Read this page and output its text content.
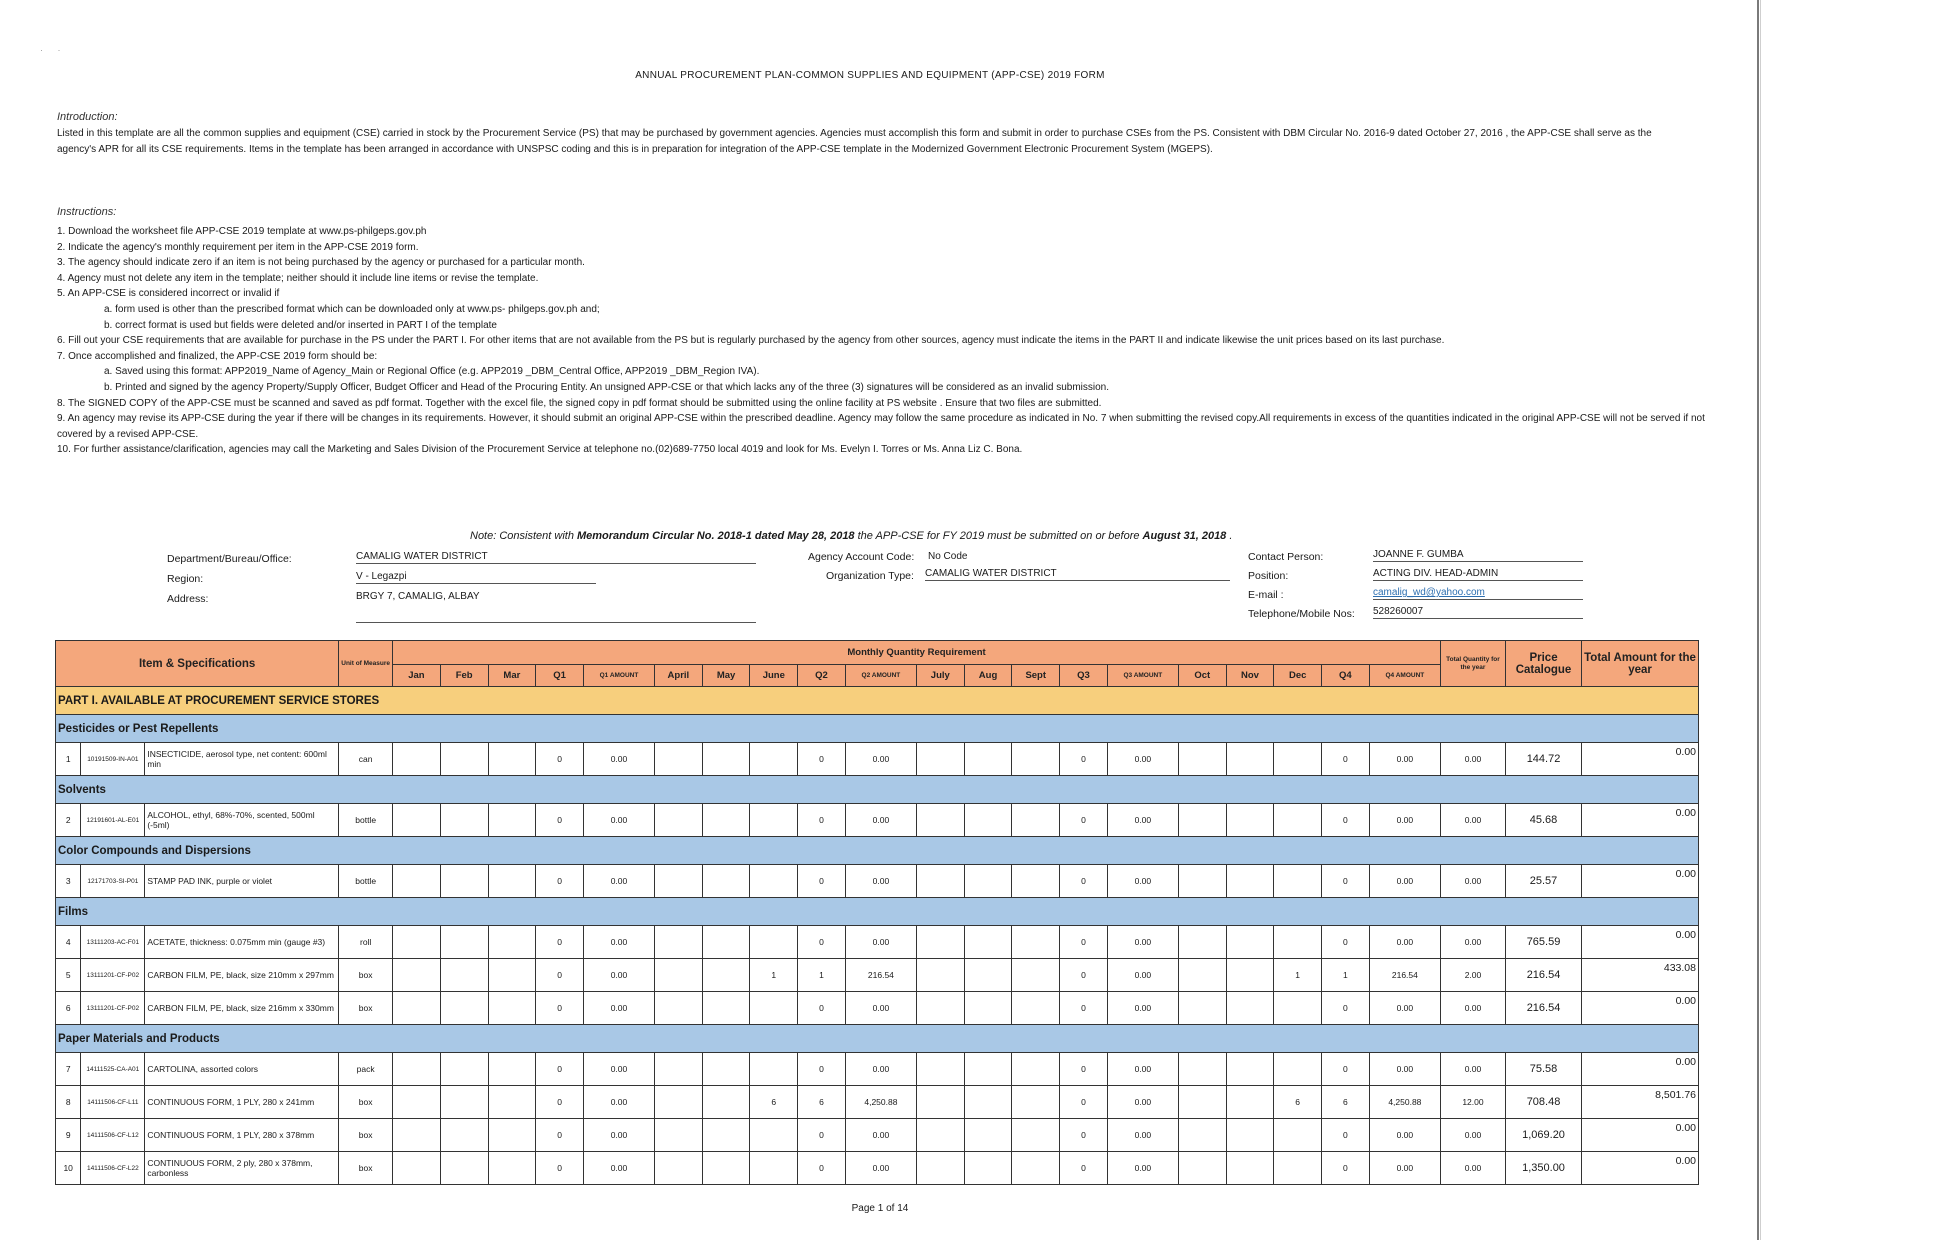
· ·
ANNUAL PROCUREMENT PLAN-COMMON SUPPLIES AND EQUIPMENT (APP-CSE) 2019 FORM
Introduction:
Listed in this template are all the common supplies and equipment (CSE) carried in stock by the Procurement Service (PS) that may be purchased by government agencies. Agencies must accomplish this form and submit in order to purchase CSEs from the PS. Consistent with DBM Circular No. 2016-9 dated October 27, 2016 , the APP-CSE shall serve as the agency's APR for all its CSE requirements. Items in the template has been arranged in accordance with UNSPSC coding and this is in preparation for integration of the APP-CSE template in the Modernized Government Electronic Procurement System (MGEPS).
Instructions:
1. Download the worksheet file APP-CSE 2019 template at www.ps-philgeps.gov.ph
2. Indicate the agency's monthly requirement per item in the APP-CSE 2019 form.
3. The agency should indicate zero if an item is not being purchased by the agency or purchased for a particular month.
4. Agency must not delete any item in the template; neither should it include line items or revise the template.
5. An APP-CSE is considered incorrect or invalid if
a. form used is other than the prescribed format which can be downloaded only at www.ps- philgeps.gov.ph and;
b. correct format is used but fields were deleted and/or inserted in PART I of the template
6. Fill out your CSE requirements that are available for purchase in the PS under the PART I. For other items that are not available from the PS but is regularly purchased by the agency from other sources, agency must indicate the items in the PART II and indicate likewise the unit prices based on its last purchase.
7. Once accomplished and finalized, the APP-CSE 2019 form should be:
a. Saved using this format: APP2019_Name of Agency_Main or Regional Office (e.g. APP2019 _DBM_Central Office, APP2019 _DBM_Region IVA).
b. Printed and signed by the agency Property/Supply Officer, Budget Officer and Head of the Procuring Entity. An unsigned APP-CSE or that which lacks any of the three (3) signatures will be considered as an invalid submission.
8. The SIGNED COPY of the APP-CSE must be scanned and saved as pdf format. Together with the excel file, the signed copy in pdf format should be submitted using the online facility at PS website . Ensure that two files are submitted.
9. An agency may revise its APP-CSE during the year if there will be changes in its requirements. However, it should submit an original APP-CSE within the prescribed deadline. Agency may follow the same procedure as indicated in No. 7 when submitting the revised copy.All requirements in excess of the quantities indicated in the original APP-CSE will not be served if not covered by a revised APP-CSE.
10. For further assistance/clarification, agencies may call the Marketing and Sales Division of the Procurement Service at telephone no.(02)689-7750 local 4019 and look for Ms. Evelyn I. Torres or Ms. Anna Liz C. Bona.
Note: Consistent with Memorandum Circular No. 2018-1 dated May 28, 2018 the APP-CSE for FY 2019 must be submitted on or before August 31, 2018 .
Department/Bureau/Office:	CAMALIG WATER DISTRICT
Region:	V - Legazpi
Address:	BRGY 7, CAMALIG, ALBAY
Agency Account Code: No Code
Organization Type: CAMALIG WATER DISTRICT
Contact Person:	JOANNE F. GUMBA
Position:	ACTING DIV. HEAD-ADMIN
E-mail :	camalig_wd@yahoo.com
Telephone/Mobile Nos: 528260007
Item & Specifications			Unit of Measure	Monthly Quantity Requirement																				Total Quantity for the year	Price Catalogue	Total Amount for the year
				Jan	Feb	Mar	Q1	Q1 AMOUNT	April	May	June	Q2	Q2 AMOUNT	July	Aug	Sept	Q3	Q3 AMOUNT	Oct	Nov	Dec	Q4	Q4 AMOUNT			
PART I. AVAILABLE AT PROCUREMENT SERVICE STORES																										
Pesticides or Pest Repellents																										
1	10191509-IN-A01	INSECTICIDE, aerosol type, net content: 600ml min	can				0	0.00				0	0.00				0	0.00				0	0.00	0.00	144.72	0.00
Solvents																										
2	12191601-AL-E01	ALCOHOL, ethyl, 68%-70%, scented, 500ml (-5ml)	bottle				0	0.00				0	0.00				0	0.00				0	0.00	0.00	45.68	0.00
Color Compounds and Dispersions																										
3	12171703-SI-P01	STAMP PAD INK, purple or violet	bottle				0	0.00				0	0.00				0	0.00				0	0.00	0.00	25.57	0.00
Films																										
4	13111203-AC-F01	ACETATE, thickness: 0.075mm min (gauge #3)	roll				0	0.00				0	0.00				0	0.00				0	0.00	0.00	765.59	0.00
5	13111201-CF-P02	CARBON FILM, PE, black, size 210mm x 297mm	box				0	0.00			1	1	216.54				0	0.00			1	1	216.54	2.00	216.54	433.08
6	13111201-CF-P02	CARBON FILM, PE, black, size 216mm x 330mm	box				0	0.00				0	0.00				0	0.00				0	0.00	0.00	216.54	0.00
Paper Materials and Products																										
7	14111525-CA-A01	CARTOLINA, assorted colors	pack				0	0.00				0	0.00				0	0.00				0	0.00	0.00	75.58	0.00
8	14111506-CF-L11	CONTINUOUS FORM, 1 PLY, 280 x 241mm	box				0	0.00			6	6	4,250.88				0	0.00			6	6	4,250.88	12.00	708.48	8,501.76
9	14111506-CF-L12	CONTINUOUS FORM, 1 PLY, 280 x 378mm	box				0	0.00				0	0.00				0	0.00				0	0.00	0.00	1,069.20	0.00
10	14111506-CF-L22	CONTINUOUS FORM, 2 ply, 280 x 378mm, carbonless	box				0	0.00				0	0.00				0	0.00				0	0.00	0.00	1,350.00	0.00
Page 1 of 14
